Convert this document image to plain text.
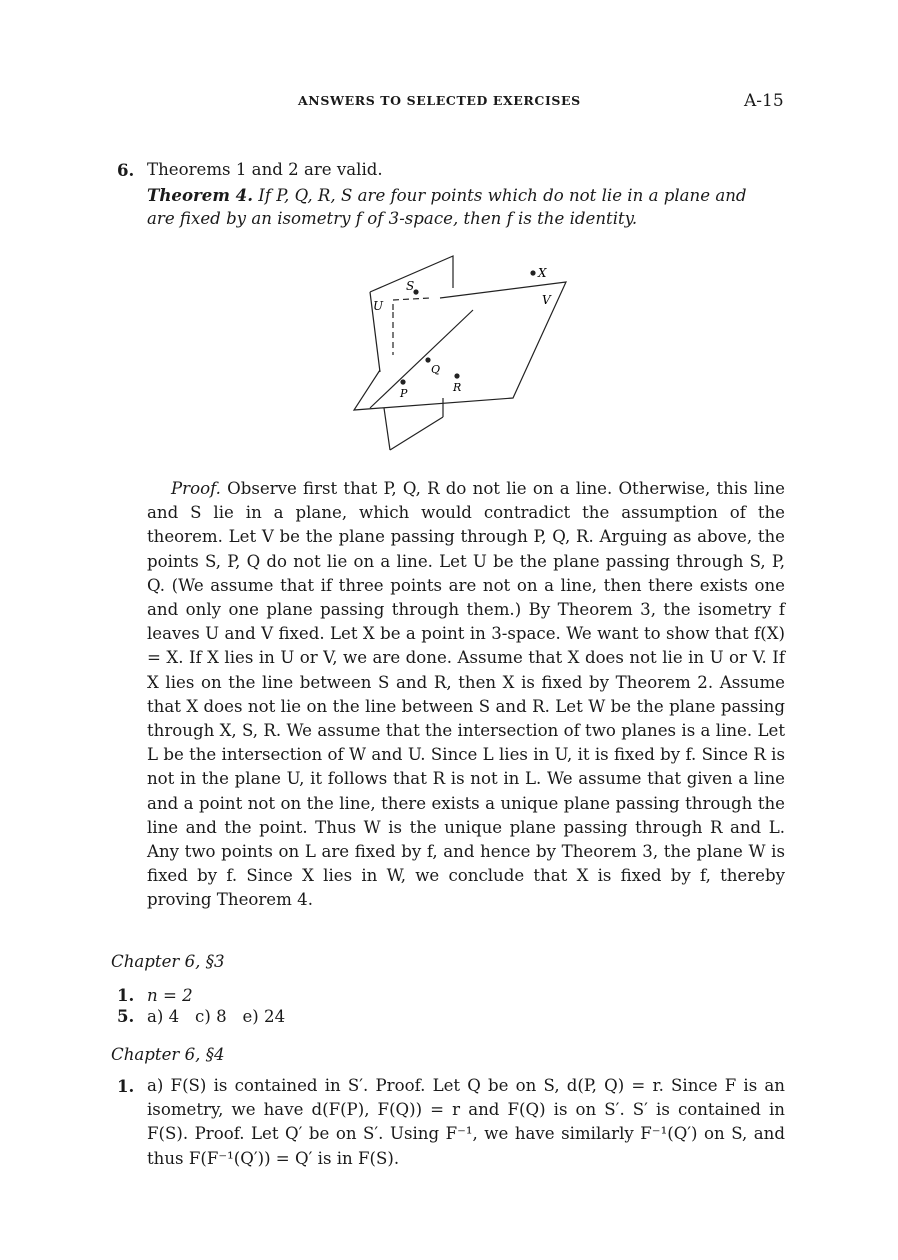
ANSWERS TO SELECTED EXERCISES	A-15
6. Theorems 1 and 2 are valid.
Theorem 4. If P, Q, R, S are four points which do not lie in a plane and
are fixed by an isometry f of 3-space, then f is the identity.
S
X
U	V
Q
P	R

Proof. Observe first that P, Q, R do not lie on a line. Otherwise, this line and S lie in a plane, which would contradict the assumption of the theorem. Let V be the plane passing through P, Q, R. Arguing as above, the points S, P, Q do not lie on a line. Let U be the plane passing through S, P, Q. (We assume that if three points are not on a line, then there exists one and only one plane passing through them.) By Theorem 3, the isometry f leaves U and V fixed. Let X be a point in 3-space. We want to show that f(X) = X. If X lies in U or V, we are done. Assume that X does not lie in U or V. If X lies on the line between S and R, then X is fixed by Theorem 2. Assume that X does not lie on the line between S and R. Let W be the plane passing through X, S, R. We assume that the intersection of two planes is a line. Let L be the intersection of W and U. Since L lies in U, it is fixed by f. Since R is not in the plane U, it follows that R is not in L. We assume that given a line and a point not on the line, there exists a unique plane passing through the line and the point. Thus W is the unique plane passing through R and L. Any two points on L are fixed by f, and hence by Theorem 3, the plane W is fixed by f. Since X lies in W, we conclude that X is fixed by f, thereby proving Theorem 4.

Chapter 6, §3
1. n = 2
5. a) 4   c) 8   e) 24
Chapter 6, §4
1. a) F(S) is contained in S′. Proof. Let Q be on S, d(P, Q) = r. Since F is an isometry, we have d(F(P), F(Q)) = r and F(Q) is on S′. S′ is contained in F(S). Proof. Let Q′ be on S′. Using F⁻¹, we have similarly F⁻¹(Q′) on S, and thus F(F⁻¹(Q′)) = Q′ is in F(S).
